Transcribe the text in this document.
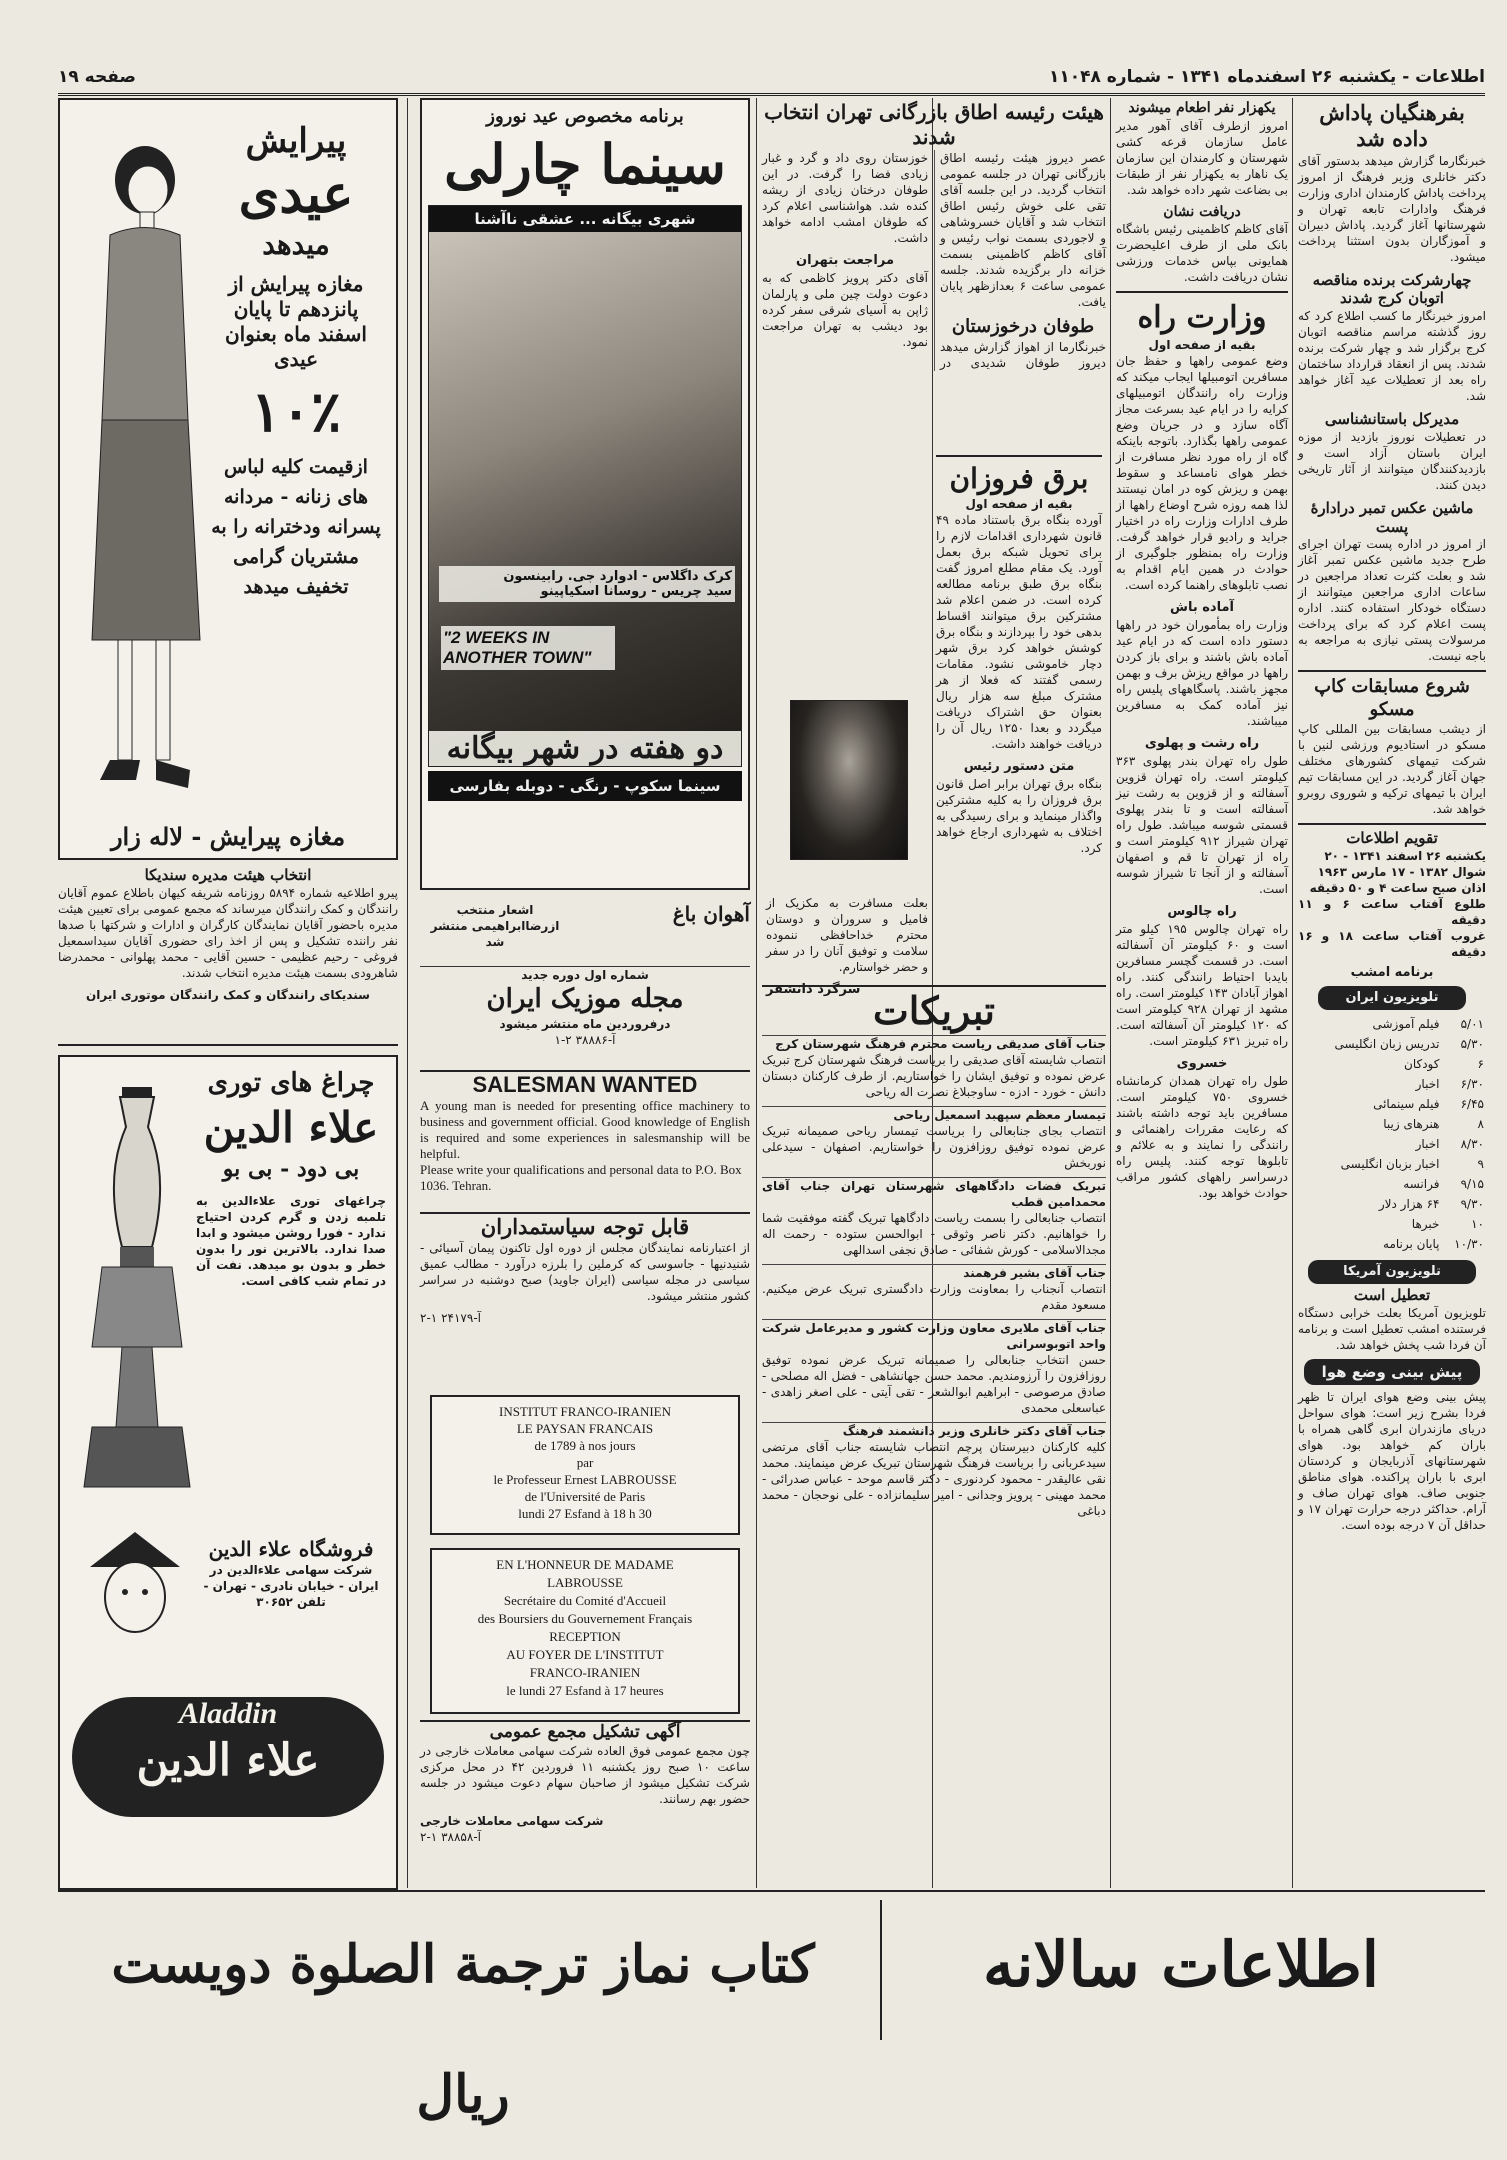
صفحه ۱۹	اطلاعات - یکشنبه ۲۶ اسفندماه ۱۳۴۱ - شماره ۱۱۰۴۸
بفرهنگیان پاداش داده شد

خبرنگارما گزارش میدهد بدستور آقای دکتر خانلری وزیر فرهنگ از امروز پرداخت پاداش کارمندان اداری وزارت فرهنگ وادارات تابعه تهران و شهرستانها آغاز گردید. پاداش دبیران و آموزگاران بدون استثنا پرداخت میشود.

چهارشرکت برنده مناقصه اتوبان کرج شدند

امروز خبرنگار ما کسب اطلاع کرد که روز گذشته مراسم مناقصه اتوبان کرج برگزار شد و چهار شرکت برنده شدند. پس از انعقاد قرارداد ساختمان راه بعد از تعطیلات عید آغاز خواهد شد.

مدیرکل باستانشناسی

در تعطیلات نوروز بازدید از موزه ایران باستان آزاد است و بازدیدکنندگان میتوانند از آثار تاریخی دیدن کنند.

ماشین عکس تمبر درادارهٔ پست

از امروز در اداره پست تهران اجرای طرح جدید ماشین عکس تمبر آغاز شد و بعلت کثرت تعداد مراجعین در ساعات اداری مراجعین میتوانند از دستگاه خودکار استفاده کنند. اداره پست اعلام کرد که برای پرداخت مرسولات پستی نیازی به مراجعه به باجه نیست.

شروع مسابقات کاپ مسکو

از دیشب مسابقات بین المللی کاپ مسکو در استادیوم ورزشی لنین با شرکت تیمهای کشورهای مختلف جهان آغاز گردید. در این مسابقات تیم ایران با تیمهای ترکیه و شوروی روبرو خواهد شد.

تقویم اطلاعات
یکشنبه ۲۶ اسفند ۱۳۴۱ - ۲۰
شوال ۱۳۸۲ - ۱۷ مارس ۱۹۶۳
اذان صبح ساعت ۴ و ۵۰ دقیقه
طلوع آفتاب ساعت ۶ و ۱۱ دقیقه
غروب آفتاب ساعت ۱۸ و ۱۶ دقیقه
برنامه امشب
تلویزیون ایران
۵/۰۱	فیلم آموزشی
۵/۳۰	تدریس زبان انگلیسی
۶	کودکان
۶/۳۰	اخبار
۶/۴۵	فیلم سینمائی
۸	هنرهای زیبا
۸/۳۰	اخبار
۹	اخبار بزبان انگلیسی
۹/۱۵	فرانسه
۹/۳۰	۶۴ هزار دلار
۱۰	خبرها
۱۰/۳۰	پایان برنامه
تلویزیون آمریکا
تعطیل است

تلویزیون آمریکا بعلت خرابی دستگاه فرستنده امشب تعطیل است و برنامه آن فردا شب پخش خواهد شد.

پیش بینی وضع هوا

پیش بینی وضع هوای ایران تا ظهر فردا بشرح زیر است: هوای سواحل دریای مازندران ابری گاهی همراه با باران کم خواهد بود. هوای شهرستانهای آذربایجان و کردستان ابری با باران پراکنده. هوای مناطق جنوبی صاف. هوای تهران صاف و آرام. حداکثر درجه حرارت تهران ۱۷ و حداقل آن ۷ درجه بوده است.

یکهزار نفر اطعام میشوند

امروز ازطرف آقای آهور مدیر عامل سازمان قرعه کشی شهرستان و کارمندان این سازمان یک ناهار به یکهزار نفر از طبقات بی بضاعت شهر داده خواهد شد.

دریافت نشان

آقای کاظم کاظمینی رئیس باشگاه بانک ملی از طرف اعلیحضرت همایونی بپاس خدمات ورزشی نشان دریافت داشت.

وزارت راه
بقیه از صفحه اول

وضع عمومی راهها و حفظ جان مسافرین اتومبیلها ایجاب میکند که وزارت راه رانندگان اتومبیلهای کرایه را در ایام عید بسرعت مجاز آگاه سازد و در جریان وضع عمومی راهها بگذارد. باتوجه باینکه گاه از راه مورد نظر مسافرت از خطر هوای نامساعد و سقوط بهمن و ریزش کوه در امان نیستند لذا همه روزه شرح اوضاع راهها از طرف ادارات وزارت راه در اختیار جراید و رادیو قرار خواهد گرفت. وزارت راه بمنظور جلوگیری از حوادث در همین ایام اقدام به نصب تابلوهای راهنما کرده است.

آماده باش

وزارت راه بمأموران خود در راهها دستور داده است که در ایام عید آماده باش باشند و برای باز کردن راهها در مواقع ریزش برف و بهمن مجهز باشند. پاسگاههای پلیس راه نیز آماده کمک به مسافرین میباشند.

راه رشت و پهلوی

طول راه تهران بندر پهلوی ۳۶۳ کیلومتر است. راه تهران قزوین آسفالته و از قزوین به رشت نیز آسفالته است و تا بندر پهلوی قسمتی شوسه میباشد. طول راه تهران شیراز ۹۱۲ کیلومتر است و راه از تهران تا قم و اصفهان آسفالته و از آنجا تا شیراز شوسه است.

راه چالوس

راه تهران چالوس ۱۹۵ کیلو متر است و ۶۰ کیلومتر آن آسفالته است. در قسمت گچسر مسافرین بایدبا احتیاط رانندگی کنند. راه اهواز آبادان ۱۴۳ کیلومتر است. راه مشهد از تهران ۹۲۸ کیلومتر است که ۱۲۰ کیلومتر آن آسفالته است. راه تبریز ۶۳۱ کیلومتر است.

خسروی

طول راه تهران همدان کرمانشاه خسروی ۷۵۰ کیلومتر است. مسافرین باید توجه داشته باشند که رعایت مقررات راهنمائی و رانندگی را نمایند و به علائم و تابلوها توجه کنند. پلیس راه درسراسر راههای کشور مراقب حوادث خواهد بود.

هیئت رئیسه اطاق بازرگانی تهران انتخاب شدند

عصر دیروز هیئت رئیسه اطاق بازرگانی تهران در جلسه عمومی انتخاب گردید. در این جلسه آقای تقی علی خوش رئیس اطاق انتخاب شد و آقایان خسروشاهی و لاجوردی بسمت نواب رئیس و آقای کاظم کاظمینی بسمت خزانه دار برگزیده شدند. جلسه عمومی ساعت ۶ بعدازظهر پایان یافت.

طوفان درخوزستان

خبرنگارما از اهواز گزارش میدهد دیروز طوفان شدیدی در خوزستان روی داد و گرد و غبار زیادی فضا را گرفت. در این طوفان درختان زیادی از ریشه کنده شد. هواشناسی اعلام کرد که طوفان امشب ادامه خواهد داشت.

مراجعت بتهران

آقای دکتر پرویز کاظمی که به دعوت دولت چین ملی و پارلمان ژاپن به آسیای شرقی سفر کرده بود دیشب به تهران مراجعت نمود.

برق فروزان
بقیه از صفحه اول

آورده بنگاه برق باستناد ماده ۴۹ قانون شهرداری اقدامات لازم را برای تحویل شبکه برق بعمل آورد. یک مقام مطلع امروز گفت بنگاه برق طبق برنامه مطالعه کرده است. در ضمن اعلام شد مشترکین برق میتوانند اقساط بدهی خود را بپردازند و بنگاه برق کوشش خواهد کرد برق شهر دچار خاموشی نشود. مقامات رسمی گفتند که فعلا از هر مشترک مبلغ سه هزار ریال بعنوان حق اشتراک دریافت میگردد و بعدا ۱۲۵۰ ریال آن را دریافت خواهند داشت.

متن دستور رئیس

بنگاه برق تهران برابر اصل قانون برق فروزان را به کلیه مشترکین واگذار مینماید و برای رسیدگی به اختلاف به شهرداری ارجاع خواهد کرد.

بعلت مسافرت به مکزیک از فامیل و سروران و دوستان محترم خداحافظی ننموده سلامت و توفیق آنان را در سفر و حضر خواستارم.

سرگرد دانشفر تبریکات
جناب آقای صدیقی ریاست محترم فرهنگ شهرستان کرج

انتصاب شایسته آقای صدیقی را بریاست فرهنگ شهرستان کرج تبریک عرض نموده و توفیق ایشان را خواستاریم. از طرف کارکنان دبستان دانش - خورد - ادزه - ساوجبلاغ نصرت اله ریاحی

تیمسار معظم سپهبد اسمعیل ریاحی

انتصاب بجای جنابعالی را بریاست تیمسار ریاحی صمیمانه تبریک عرض نموده توفیق روزافزون را خواستاریم. اصفهان - سیدعلی نوربخش

تبریک فضات دادگاههای شهرستان تهران جناب آقای محمدامین قطب

انتصاب جنابعالی را بسمت ریاست دادگاهها تبریک گفته موفقیت شما را خواهانیم. دکتر ناصر وثوقی - ابوالحسن ستوده - رحمت اله مجدالاسلامی - کورش شفائی - صادق نجفی اسدالهی

جناب آقای بشیر فرهمند

انتصاب آنجناب را بمعاونت وزارت دادگستری تبریک عرض میکنیم. مسعود مقدم

جناب آقای ملایری معاون وزارت کشور و مدیرعامل شرکت واحد اتوبوسرانی

حسن انتخاب جنابعالی را صمیمانه تبریک عرض نموده توفیق روزافزون را آرزومندیم. محمد حسن جهانشاهی - فضل اله مصلحی - صادق مرصوصی - ابراهیم ابوالشعر - تقی آیتی - علی اصغر زاهدی - عباسعلی محمدی

جناب آقای دکتر خانلری وزیر دانشمند فرهنگ

کلیه کارکنان دبیرستان پرچم انتصاب شایسته جناب آقای مرتضی سیدعربانی را بریاست فرهنگ شهرستان تبریک عرض مینمایند. محمد نقی عالیقدر - محمود کردنوری - دکتر قاسم موحد - عباس صدرائی - محمد مهینی - پرویز وجدانی - امیر سلیمانزاده - علی نوحجان - محمد دباغی

برنامه مخصوص عید نوروز
سینما چارلی
شهری بیگانه ... عشقی ناآشنا
کرک داگلاس - ادوارد جی. رابینسون
سید چریس - روسانا اسکیاپینو
"2 WEEKS IN ANOTHER TOWN"
دو هفته در شهر بیگانه
سینما سکوپ - رنگی - دوبله بفارسی
آهوان باغ
اشعار منتخب ازرضاابراهیمی منتشر شد
شماره اول دوره جدید
مجله موزیک ایران
درفروردین ماه منتشر میشود
آ-۳۸۸۸۶ ۲-۱
SALESMAN WANTED
A young man is needed for presenting office machinery to business and government official. Good knowledge of English is required and some experiences in salesmanship will be helpful.
Please write your qualifications and personal data to P.O. Box 1036. Tehran.
قابل توجه سیاستمداران

از اعتبارنامه نمایندگان مجلس از دوره اول تاکنون پیمان آسیائی - شنیدنیها - جاسوسی که کرملین را بلرزه درآورد - مطالب عمیق سیاسی در مجله سیاسی (ایران جاوید) صبح دوشنبه در سراسر کشور منتشر میشود.

آ-۲۴۱۷۹ ۱-۲
INSTITUT FRANCO-IRANIEN
LE PAYSAN FRANCAIS
de 1789 à nos jours
par
le Professeur Ernest LABROUSSE
de l'Université de Paris
lundi 27 Esfand à 18 h 30
EN L'HONNEUR DE MADAME
LABROUSSE
Secrétaire du Comité d'Accueil
des Boursiers du Gouvernement Français
RECEPTION
AU FOYER DE L'INSTITUT
FRANCO-IRANIEN
le lundi 27 Esfand à 17 heures
آگهی تشکیل مجمع عمومی

چون مجمع عمومی فوق العاده شرکت سهامی معاملات خارجی در ساعت ۱۰ صبح روز یکشنبه ۱۱ فروردین ۴۲ در محل مرکزی شرکت تشکیل میشود از صاحبان سهام دعوت میشود در جلسه حضور بهم رسانند.

شرکت سهامی معاملات خارجی
آ-۳۸۸۵۸ ۱-۲
پیرایش
عیدی
میدهد
مغازه پیرایش از پانزدهم تا پایان اسفند ماه بعنوان عیدی
۱۰٪
ازقیمت کلیه لباس های زنانه - مردانه پسرانه ودخترانه را به مشتریان گرامی تخفیف میدهد
مغازه پیرایش - لاله زار
انتخاب هیئت مدیره سندیکا

پیرو اطلاعیه شماره ۵۸۹۴ روزنامه شریفه کیهان باطلاع عموم آقایان رانندگان و کمک رانندگان میرساند که مجمع عمومی برای تعیین هیئت مدیره باحضور آقایان نمایندگان کارگران و ادارات و شرکتها با صدها نفر راننده تشکیل و پس از اخذ رای حضوری آقایان سیداسمعیل فروغی - رحیم عظیمی - حسین آقایی - محمد پهلوانی - محمدرضا شاهرودی بسمت هیئت مدیره انتخاب شدند.

سندیکای رانندگان و کمک رانندگان موتوری ایران
چراغ های توری
علاء الدین
بی دود - بی بو

چراغهای توری علاءالدین به تلمبه زدن و گرم کردن احتیاج ندارد - فورا روشن میشود و ابدا صدا ندارد. بالاترین نور را بدون خطر و بدون بو میدهد. نفت آن در تمام شب کافی است.

فروشگاه علاء الدین
شرکت سهامی علاءالدین در ایران - خیابان نادری - تهران - تلفن ۳۰۶۵۲
Aladdin
علاء الدین
اطلاعات سالانه
کتاب نماز ترجمة الصلوة دویست ریال
